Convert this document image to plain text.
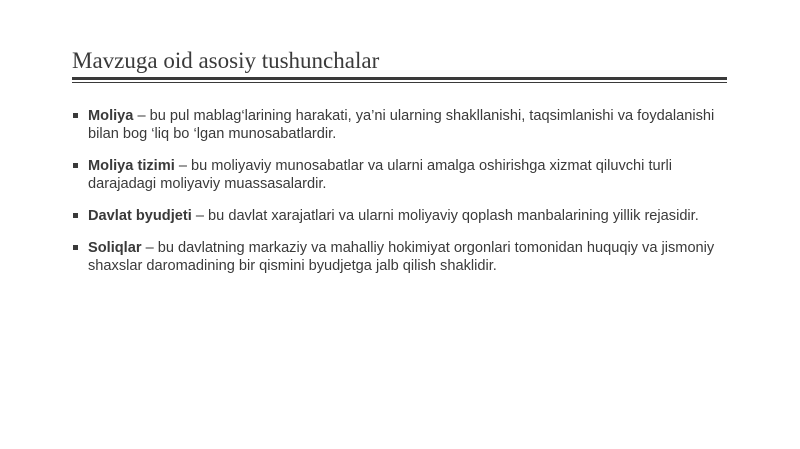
Mavzuga oid asosiy tushunchalar
Moliya – bu pul mablag‘larining harakati, ya’ni ularning shakllanishi, taqsimlanishi va foydalanishi bilan bog ‘liq bo ‘lgan munosabatlardir.
Moliya tizimi – bu moliyaviy munosabatlar va ularni amalga oshirishga xizmat qiluvchi turli darajadagi moliyaviy muassasalardir.
Davlat byudjeti – bu davlat xarajatlari va ularni moliyaviy qoplash manbalarining yillik rejasidir.
Soliqlar – bu davlatning markaziy va mahalliy hokimiyat orgonlari tomonidan huquqiy va jismoniy shaxslar daromadining bir qismini byudjetga jalb qilish shaklidir.
